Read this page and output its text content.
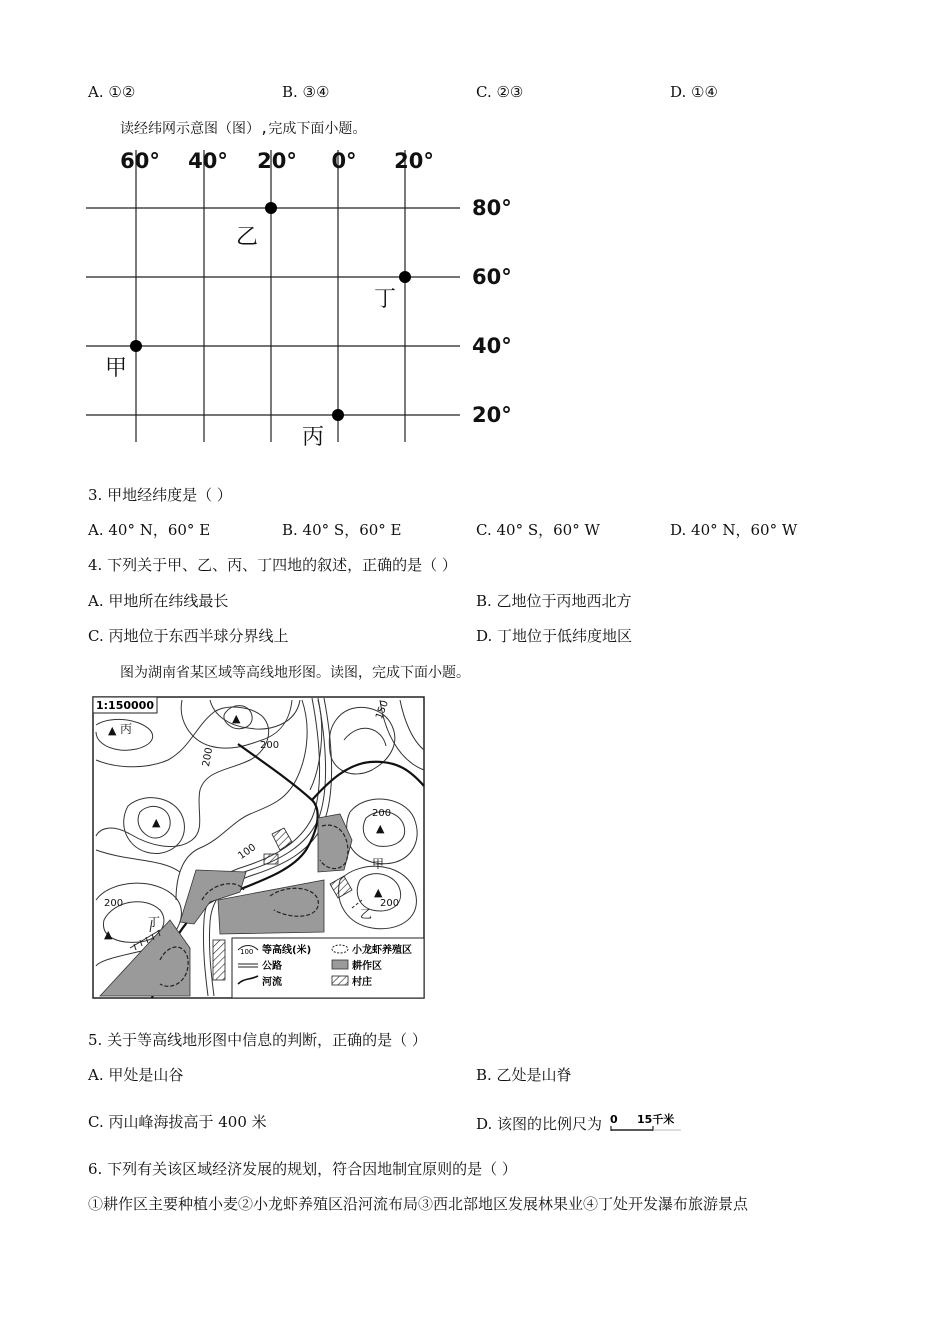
A. ①②	B. ③④	C. ②③	D. ①④
读经纬网示意图（图）,完成下面小题。
60° 40° 20° 0° 20°
80°
60°
40°
20°
乙
丁
甲
丙
3. 甲地经纬度是（ ）
A. 40° N，60° E	B. 40° S，60° E	C. 40° S，60° W	D. 40° N，60° W
4. 下列关于甲、乙、丙、丁四地的叙述，正确的是（ ）
A. 甲地所在纬线最长	B. 乙地位于丙地西北方
C. 丙地位于东西半球分界线上	D. 丁地位于低纬度地区
图为湖南省某区域等高线地形图。读图，完成下面小题。
1:150000
▲
▲
▲	▲
▲
▲
150
200
200
100
200
200
200
丙
甲
乙
丁
100 等高线(米)	小龙虾养殖区
公路	耕作区
河流	村庄
5. 关于等高线地形图中信息的判断，正确的是（ ）
A. 甲处是山谷	B. 乙处是山脊
C. 丙山峰海拔高于 400 米	D. 该图的比例尺为 0 15千米
6. 下列有关该区域经济发展的规划，符合因地制宜原则的是（ ）
①耕作区主要种植小麦②小龙虾养殖区沿河流布局③西北部地区发展林果业④丁处开发瀑布旅游景点
